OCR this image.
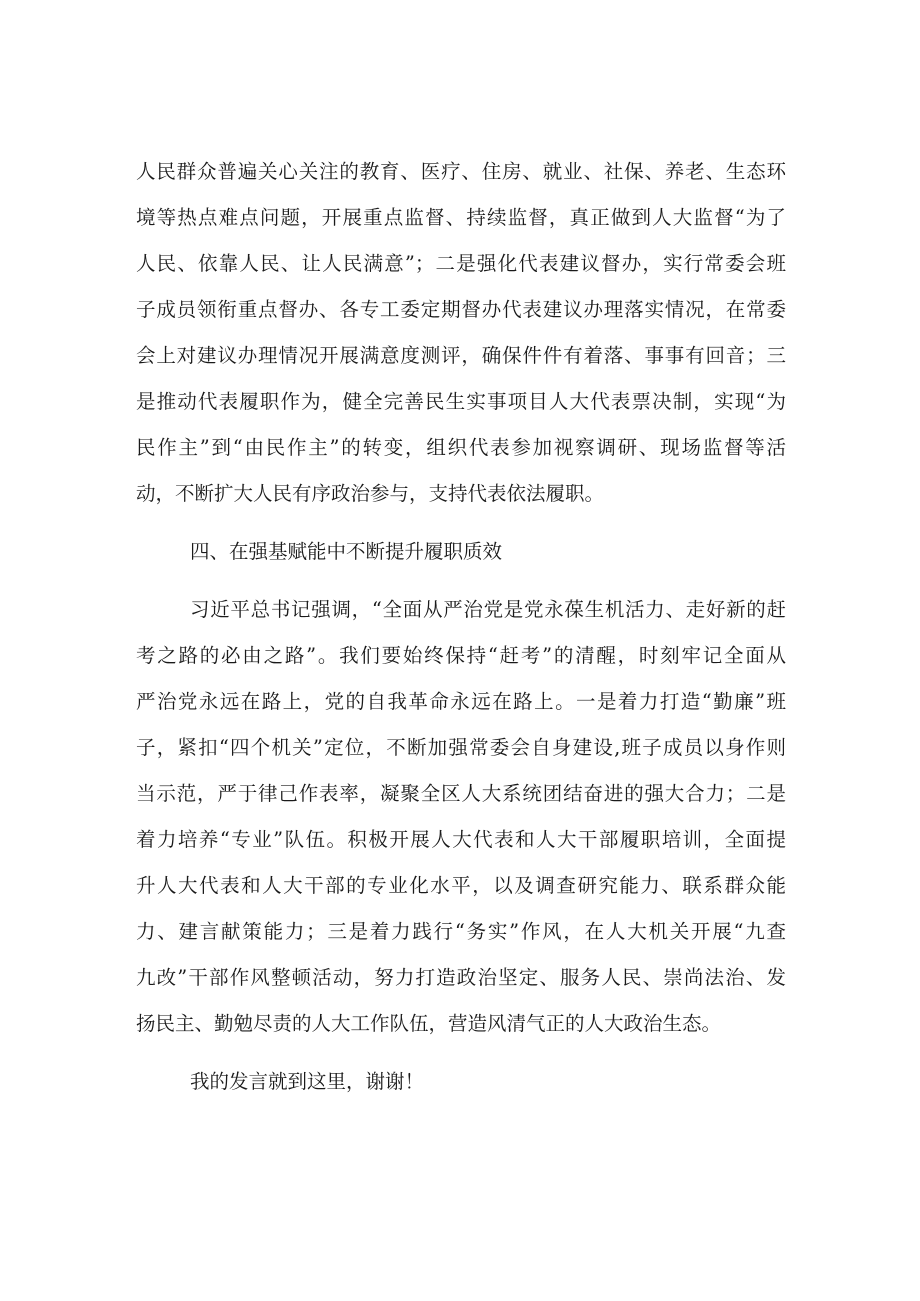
人民群众普遍关心关注的教育、医疗、住房、就业、社保、养老、生态环
境等热点难点问题，开展重点监督、持续监督，真正做到人大监督“为了
人民、依靠人民、让人民满意”；二是强化代表建议督办，实行常委会班
子成员领衔重点督办、各专工委定期督办代表建议办理落实情况，在常委
会上对建议办理情况开展满意度测评，确保件件有着落、事事有回音；三
是推动代表履职作为，健全完善民生实事项目人大代表票决制，实现“为
民作主”到“由民作主”的转变，组织代表参加视察调研、现场监督等活
动，不断扩大人民有序政治参与，支持代表依法履职。
四、在强基赋能中不断提升履职质效
习近平总书记强调，“全面从严治党是党永葆生机活力、走好新的赶
考之路的必由之路”。我们要始终保持“赶考”的清醒，时刻牢记全面从
严治党永远在路上，党的自我革命永远在路上。一是着力打造“勤廉”班
子，紧扣“四个机关”定位，不断加强常委会自身建设,班子成员以身作则
当示范，严于律己作表率，凝聚全区人大系统团结奋进的强大合力；二是
着力培养“专业”队伍。积极开展人大代表和人大干部履职培训，全面提
升人大代表和人大干部的专业化水平，以及调查研究能力、联系群众能
力、建言献策能力；三是着力践行“务实”作风，在人大机关开展“九查
九改”干部作风整顿活动，努力打造政治坚定、服务人民、崇尚法治、发
扬民主、勤勉尽责的人大工作队伍，营造风清气正的人大政治生态。
我的发言就到这里，谢谢！
